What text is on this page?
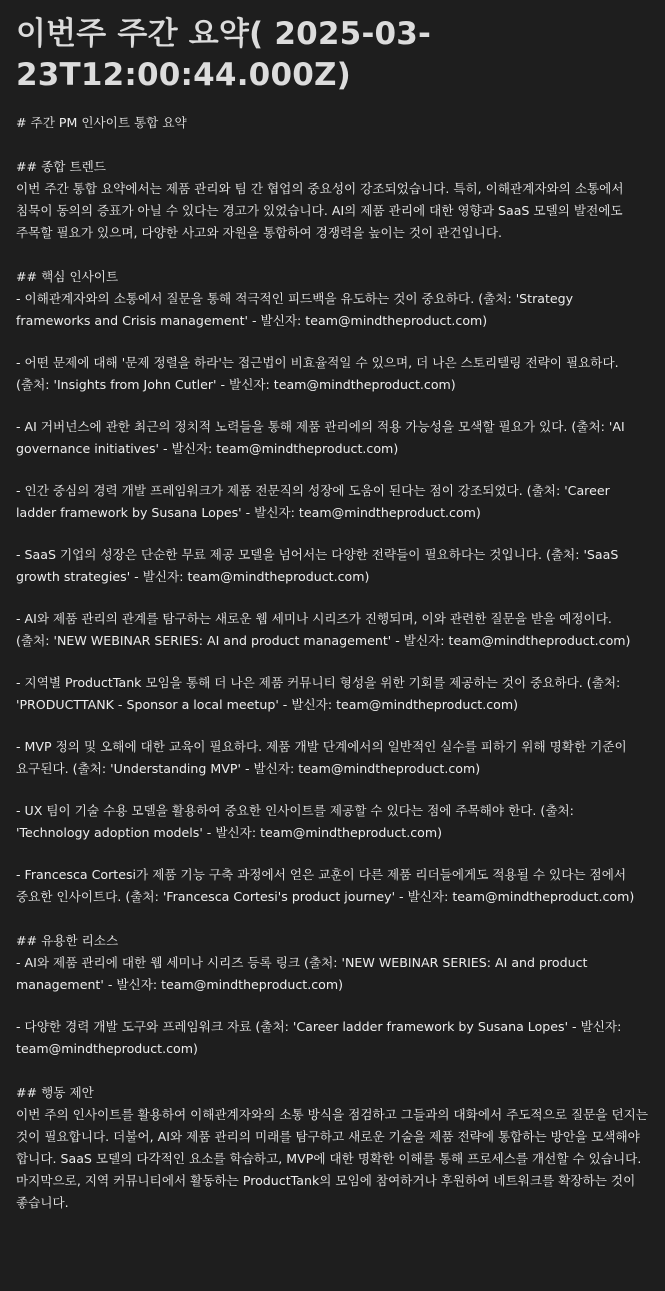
이번주 주간 요약( 2025-03-23T12:00:44.000Z)

# 주간 PM 인사이트 통합 요약

## 종합 트렌드

이번 주간 통합 요약에서는 제품 관리와 팀 간 협업의 중요성이 강조되었습니다. 특히, 이해관계자와의 소통에서 침묵이 동의의 증표가 아닐 수 있다는 경고가 있었습니다. AI의 제품 관리에 대한 영향과 SaaS 모델의 발전에도 주목할 필요가 있으며, 다양한 사고와 자원을 통합하여 경쟁력을 높이는 것이 관건입니다.

## 핵심 인사이트

- 이해관계자와의 소통에서 질문을 통해 적극적인 피드백을 유도하는 것이 중요하다. (출처: 'Strategy frameworks and Crisis management' - 발신자: team@mindtheproduct.com)

- 어떤 문제에 대해 '문제 정렬을 하라'는 접근법이 비효율적일 수 있으며, 더 나은 스토리텔링 전략이 필요하다. (출처: 'Insights from John Cutler' - 발신자: team@mindtheproduct.com)

- AI 거버넌스에 관한 최근의 정치적 노력들을 통해 제품 관리에의 적용 가능성을 모색할 필요가 있다. (출처: 'AI governance initiatives' - 발신자: team@mindtheproduct.com)

- 인간 중심의 경력 개발 프레임워크가 제품 전문직의 성장에 도움이 된다는 점이 강조되었다. (출처: 'Career ladder framework by Susana Lopes' - 발신자: team@mindtheproduct.com)

- SaaS 기업의 성장은 단순한 무료 제공 모델을 넘어서는 다양한 전략들이 필요하다는 것입니다. (출처: 'SaaS growth strategies' - 발신자: team@mindtheproduct.com)

- AI와 제품 관리의 관계를 탐구하는 새로운 웹 세미나 시리즈가 진행되며, 이와 관련한 질문을 받을 예정이다. (출처: 'NEW WEBINAR SERIES: AI and product management' - 발신자: team@mindtheproduct.com)

- 지역별 ProductTank 모임을 통해 더 나은 제품 커뮤니티 형성을 위한 기회를 제공하는 것이 중요하다. (출처: 'PRODUCTTANK - Sponsor a local meetup' - 발신자: team@mindtheproduct.com)

- MVP 정의 및 오해에 대한 교육이 필요하다. 제품 개발 단계에서의 일반적인 실수를 피하기 위해 명확한 기준이 요구된다. (출처: 'Understanding MVP' - 발신자: team@mindtheproduct.com)

- UX 팀이 기술 수용 모델을 활용하여 중요한 인사이트를 제공할 수 있다는 점에 주목해야 한다. (출처: 'Technology adoption models' - 발신자: team@mindtheproduct.com)

- Francesca Cortesi가 제품 기능 구축 과정에서 얻은 교훈이 다른 제품 리더들에게도 적용될 수 있다는 점에서 중요한 인사이트다. (출처: 'Francesca Cortesi's product journey' - 발신자: team@mindtheproduct.com)

## 유용한 리소스

- AI와 제품 관리에 대한 웹 세미나 시리즈 등록 링크 (출처: 'NEW WEBINAR SERIES: AI and product management' - 발신자: team@mindtheproduct.com)

- 다양한 경력 개발 도구와 프레임워크 자료 (출처: 'Career ladder framework by Susana Lopes' - 발신자: team@mindtheproduct.com)

## 행동 제안

이번 주의 인사이트를 활용하여 이해관계자와의 소통 방식을 점검하고 그들과의 대화에서 주도적으로 질문을 던지는 것이 필요합니다. 더불어, AI와 제품 관리의 미래를 탐구하고 새로운 기술을 제품 전략에 통합하는 방안을 모색해야 합니다. SaaS 모델의 다각적인 요소를 학습하고, MVP에 대한 명확한 이해를 통해 프로세스를 개선할 수 있습니다. 마지막으로, 지역 커뮤니티에서 활동하는 ProductTank의 모임에 참여하거나 후원하여 네트워크를 확장하는 것이 좋습니다.
